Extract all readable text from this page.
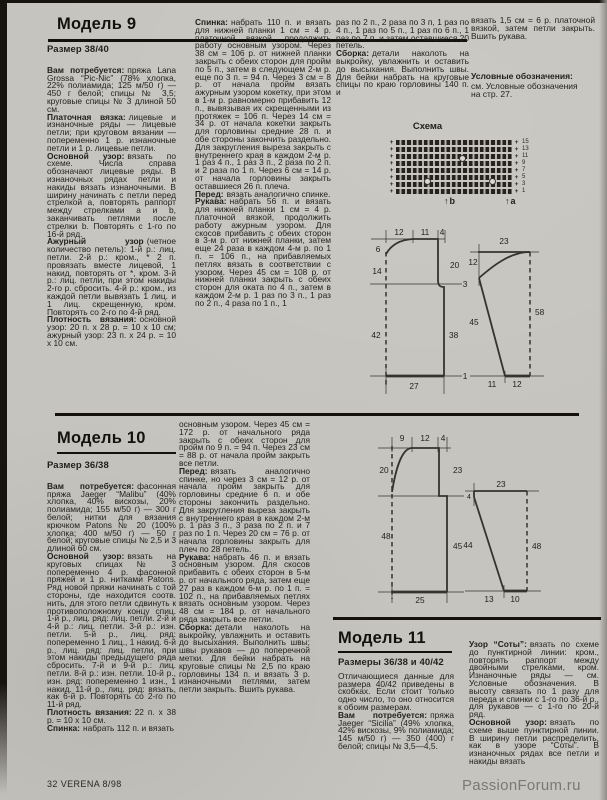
Модель 9
Размер 38/40

Вам потребуется: пряжа Lana Grossa “Pic-Nic” (78% хлопка, 22% полиамида; 125 м/50 г) — 450 г белой; спицы № 3,5; круговые спицы № 3 длиной 50 см.

Платочная вязка: лицевые и изнаночные ряды — лицевые петли; при круговом вязании — попеременно 1 р. изнаночные петли и 1 р. лицевые петли.

Основной узор: вязать по схеме. Числа справа обозначают лицевые ряды. В изнаночных рядах петли и накиды вязать изнаночными. В ширину начинать с петли перед стрелкой a, повторять раппорт между стрелками a и b, заканчивать петлями после стрелки b. Повторять с 1-го по 16-й ряд.

Ажурный узор (четное количество петель): 1-й р.: лиц. петли. 2-й р.: кром., * 2 п. провязать вместе лицевой, 1 накид, повторять от *, кром. 3-й р.: лиц. петли, при этом накиды 2-го р. сбросить. 4-й р.: кром., из каждой петли вывязать 1 лиц. и 1 лиц. скрещенную, кром. Повторять со 2-го по 4-й ряд.

Плотность вязания: основной узор: 20 п. х 28 р. = 10 х 10 см; ажурный узор: 23 п. х 24 р. = 10 х 10 см.

Спинка: набрать 110 п. и вязать для нижней планки 1 см = 4 р. платочной вязкой, продолжить работу основным узором. Через 38 см = 106 р. от нижней планки закрыть с обеих сторон для пройм по 5 п., затем в следующем 2-м р. еще по 3 п. = 94 п. Через 3 см = 8 р. от начала пройм вязать ажурным узором кокетку, при этом в 1-м р. равномерно прибавить 12 п., вывязывая их скрещенными из протяжек = 106 п. Через 14 см = 34 р. от начала кокетки закрыть для горловины средние 28 п. и обе стороны закончить раздельно. Для закругления выреза закрыть с внутреннего края в каждом 2-м р. 1 раз 4 п., 1 раз 3 п., 2 раза по 2 п. и 2 раза по 1 п. Через 6 см = 14 р. от начала горловины закрыть оставшиеся 26 п. плеча.

Перед: вязать аналогично спинке.

Рукава: набрать 56 п. и вязать для нижней планки 1 см = 4 р. платочной вязкой, продолжить работу ажурным узором. Для скосов прибавить с обеих сторон в 3-м р. от нижней планки, затем еще 24 раза в каждом 4-м р. по 1 п. = 106 п., на прибавляемых петлях вязать в соответствии с узором. Через 45 см = 108 р. от нижней планки закрыть с обеих сторон для оката по 4 п., затем в каждом 2-м р. 1 раз по 3 п., 1 раз по 2 п., 4 раза по 1 п., 1

раз по 2 п., 2 раза по 3 п, 1 раз по 4 п., 1 раз по 5 п., 1 раз по 6 п., 1 раз по 7 п. и затем оставшиеся 20 петель.

Сборка: детали наколоть на выкройку, увлажнить и оставить до высыхания. Выполнить швы. Для бейки набрать на круговые спицы по краю горловины 140 п. и

вязать 1,5 см = 6 р. платочной вязкой, затем петли закрыть. Вшить рукава.

Условные обозначения:
см. Условные обозначения
на стр. 27.
Схема
+	+
+	+
+	+
+	+
+	+
+	+
+	+
+	+
15
13
11
9
7
5
3
1
↑b	↑a
12 11 4
6
14
42
20
3
38
1
27
23
12
45
58
11 12
Модель 10
Размер 36/38

Вам потребуется: фасонная пряжа Jaeger “Malibu” (40% хлопка, 40% вискозы, 20% полиамида; 155 м/50 г) — 300 г белой; нитки для вязания крючком Patons № 20 (100% хлопка; 400 м/50 г) — 50 г белой; круговые спицы № 2,5 и 3 длиной 60 см.

Основной узор: вязать на круговых спицах № 3 попеременно 4 р. фасонной пряжей и 1 р. нитками Patons. Ряд новой пряжи начинать с той стороны, где находится соотв. нить, для этого петли сдвинуть к противоположному концу спиц. 1-й р., лиц. ряд: лиц. петли. 2-й и 4-й р.: лиц. петли. 3-й р.: изн. петли. 5-й р., лиц. ряд: попеременно 1 лиц., 1 накид. 6-й р., лиц. ряд: лиц. петли, при этом накиды предыдущего ряда сбросить. 7-й и 9-й р.: лиц. петли. 8-й р.: изн. петли. 10-й р., изн. ряд: попеременно 1 изн., 1 накид. 11-й р., лиц. ряд: вязать, как 6-й р. Повторять со 2-го по 11-й ряд.

Плотность вязания: 22 п. х 38 р. = 10 х 10 см.

Спинка: набрать 112 п. и вязать

основным узором. Через 45 см = 172 р. от начального ряда закрыть с обеих сторон для пройм по 9 п. = 94 п. Через 23 см = 88 р. от начала пройм закрыть все петли.

Перед: вязать аналогично спинке, но через 3 см = 12 р. от начала пройм закрыть для горловины средние 6 п. и обе стороны закончить раздельно. Для закругления выреза закрыть с внутреннего края в каждом 2-м р. 1 раз 3 п., 3 раза по 2 п. и 7 раз по 1 п. Через 20 см = 76 р. от начала горловины закрыть для плеч по 28 петель.

Рукава: набрать 46 п. и вязать основным узором. Для скосов прибавить с обеих сторон в 5-м р. от начального ряда, затем еще 27 раз в каждом 6-м р. по 1 п. = 102 п., на прибавляемых петлях вязать основным узором. Через 48 см = 184 р. от начального ряда закрыть все петли.

Сборка: детали наколоть на выкройку, увлажнить и оставить до высыхания. Выполнить швы; швы рукавов — до поперечной метки. Для бейки набрать на круговые спицы № 2,5 по краю горловины 134 п. и вязать 3 р. изнаночными петлями, затем петли закрыть. Вшить рукава.

9 12 4
20
48
23
45
25
23
4
44	48
13 10
Модель 11
Размеры 36/38 и 40/42

Отличающиеся данные для размера 40/42 приведены в скобках. Если стоит только одно число, то оно относится к обоим размерам.

Вам потребуется: пряжа Jaeger “Sicilia” (49% хлопка, 42% вискозы, 9% полиамида; 145 м/50 г) — 350 (400) г белой; спицы № 3,5—4,5.

Узор “Соты”: вязать по схеме до пунктирной линии: кром., повторять раппорт между двойными стрелками, кром. Изнаночные ряды — см. Условные обозначения. В высоту связать по 1 разу для переда и спинки с 1-го по 36-й р., для рукавов — с 1-го по 20-й ряд.

Основной узор: вязать по схеме выше пунктирной линии. В ширину петли распределить, как в узоре “Соты”. В изнаночных рядах все петли и накиды вязать

32 VERENA 8/98	PassionForum.ru
